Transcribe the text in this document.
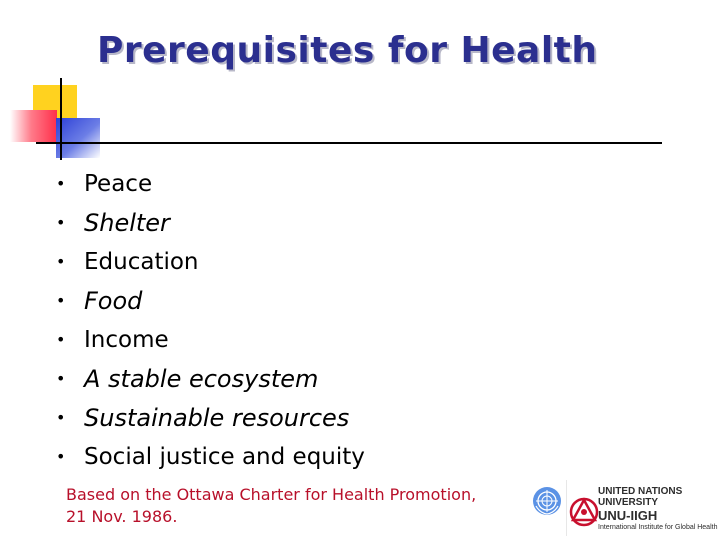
Prerequisites for Health
• Peace
• Shelter
• Education
• Food
• Income
• A stable ecosystem
• Sustainable resources
• Social justice and equity
Based on the Ottawa Charter for Health Promotion,
21 Nov. 1986.
UNITED NATIONS
UNIVERSITY
UNU-IIGH
International Institute for Global Health
